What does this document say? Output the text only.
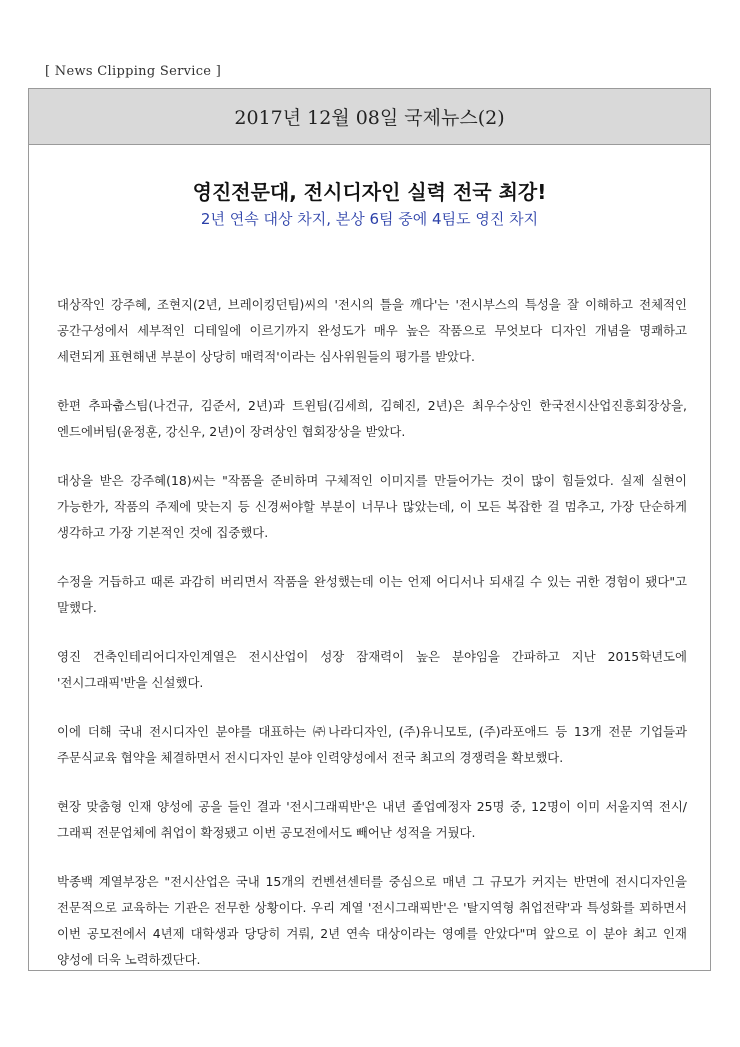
[ News Clipping Service ]
2017년 12월 08일 국제뉴스(2)
영진전문대, 전시디자인 실력 전국 최강!
2년 연속 대상 차지, 본상 6팀 중에 4팀도 영진 차지

대상작인 강주혜, 조현지(2년, 브레이킹던팀)씨의 '전시의 틀을 깨다'는 '전시부스의 특성을 잘 이해하고 전체적인 공간구성에서 세부적인 디테일에 이르기까지 완성도가 매우 높은 작품으로 무엇보다 디자인 개념을 명쾌하고 세련되게 표현해낸 부분이 상당히 매력적'이라는 심사위원들의 평가를 받았다.

한편 추파춥스팀(나건규, 김준서, 2년)과 트윈팀(김세희, 김혜진, 2년)은 최우수상인 한국전시산업진흥회장상을, 엔드에버팀(윤정훈, 강신우, 2년)이 장려상인 협회장상을 받았다.

대상을 받은 강주혜(18)씨는 "작품을 준비하며 구체적인 이미지를 만들어가는 것이 많이 힘들었다. 실제 실현이 가능한가, 작품의 주제에 맞는지 등 신경써야할 부분이 너무나 많았는데, 이 모든 복잡한 걸 멈추고, 가장 단순하게 생각하고 가장 기본적인 것에 집중했다.

수정을 거듭하고 때론 과감히 버리면서 작품을 완성했는데 이는 언제 어디서나 되새길 수 있는 귀한 경험이 됐다"고 말했다.

영진 건축인테리어디자인계열은 전시산업이 성장 잠재력이 높은 분야임을 간파하고 지난 2015학년도에 '전시그래픽'반을 신설했다.

이에 더해 국내 전시디자인 분야를 대표하는 ㈜나라디자인, (주)유니모토, (주)라포애드 등 13개 전문 기업들과 주문식교육 협약을 체결하면서 전시디자인 분야 인력양성에서 전국 최고의 경쟁력을 확보했다.

현장 맞춤형 인재 양성에 공을 들인 결과 '전시그래픽반'은 내년 졸업예정자 25명 중, 12명이 이미 서울지역 전시/그래픽 전문업체에 취업이 확정됐고 이번 공모전에서도 빼어난 성적을 거뒀다.

박종백 계열부장은 "전시산업은 국내 15개의 컨벤션센터를 중심으로 매년 그 규모가 커지는 반면에 전시디자인을 전문적으로 교육하는 기관은 전무한 상황이다. 우리 계열 '전시그래픽반'은 '탈지역형 취업전략'과 특성화를 꾀하면서 이번 공모전에서 4년제 대학생과 당당히 겨뤄, 2년 연속 대상이라는 영예를 안았다"며 앞으로 이 분야 최고 인재 양성에 더욱 노력하겠단다.
